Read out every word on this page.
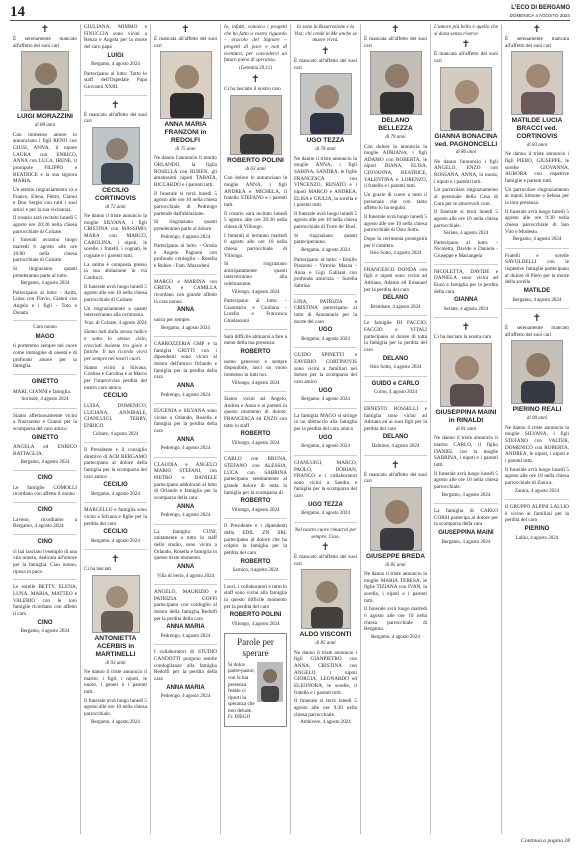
14	L'ECO DI BERGAMO
DOMENICA 4 AGOSTO 2024
✝

È serenamente mancato all'affetto dei suoi cari

LUIGI MORAZZINI
di 88 anni

Con immenso amore lo annunciano i figli RENO con GIUSI, ANNA, il nipote LAURA con ENRICO, ANNA con LUCA, IRENE, il pronipote FILIPPO e BEATRICE e la sua signora MARIA.

Un sentito ringraziamento va a Franco, Elena, Pietro, Gianni e Don Sergio con tutti i suoi amici e per la sua vicinanza.

Il rosario sarà recitato lunedì 5 agosto ore 20:30 nella chiesa parrocchiale di Colzate.

I funerali avranno luogo martedì 6 agosto alle ore 10:00 nella chiesa parrocchiale di Colzate.

Si ringraziano quanti prenderanno parte al lutto.

Bergamo, 4 agosto 2024

Partecipano al lutto: - Anita, Luisa con Flavio, Gianni con Angela e i figli - Toto e Donata

Caro nonno
MAGO

ti porteremo sempre nel cuore come immagine di onestà e di profondo amore per la famiglia.

GINETTO

MARI, GIANNI e famiglia.

Sorisole, 4 agosto 2024

Siamo affettuosamente vicini a Nazzareno e Gianni per la scomparsa del caro amico

GINETTO

ANGELA ed ENRICO BATTAGLIA.

Bergamo, 4 agosto 2024
CINO

Le famiglie COMOLLI ricordano con affetto il nonno

CINO

Laveno, ricordiamo a Bergamo, 4 agosto 2024

CINO

ci hai lasciato l'esempio di una vita onesta, dedicata all'amore per la famiglia. Ciao nonno, riposa in pace.

Le sorelle BETTY, ELENA, LUNA, MARIA, MATTEO e VALERIO con le loro famiglie ricordano con affetto il caro

CINO
Bergamo, 4 agosto 2024

GIULIANA, MIMMO e FINUCCIA sono vicini a Renzo e Angela per la morte del caro papà

LUIGI
Bergamo, 4 agosto 2024

Partecipano al lutto: Tutto lo staff dell'Ospedale Papa Giovanni XXIII.

✝

È mancato all'affetto dei suoi cari

CECILIO CORTINOVIS
di 72 anni

Ne danno il triste annuncio la moglie SILVANA, i figli CRISTINA con MASSIMO, MARA con MARCO, CAROLINA, i nipoti, le sorelle, i fratelli, i cognati, le cognate e i parenti tutti.

La salma è composta presso la sua abitazione in via Carducci.

Il funerale avrà luogo lunedì 5 agosto alle ore 10 nella chiesa parrocchiale di Colzate.

Un ringraziamento a quanti interverranno alla cerimonia.

Fraz. di Colzate, 4 agosto 2024

Siamo nati dalla stessa radice e sotto lo stesso cielo, cresciuti insieme tra gioie e fatiche. Il tuo ricordo vivrà per sempre nei nostri cuori.

Siamo vicini a Silvana, Cristina e Carolina e ai Marco per l'improvvisa perdita del nostro caro amico

CECILIO

LUISA, DOMENICO, LUCIANA, ANNIBALE, GIANLUIGI, TERRY, ENRICO.

Colzate, 4 agosto 2024

Il Presidente e il consiglio direttivo di ACB BERGAMO partecipano al dolore della famiglia per la scomparsa del caro amico

CECILIO
Bergamo, 4 agosto 2024

MARCELLO e famiglia sono vicini a Silvana e figlie per la perdita del caro

CECILIO
Bergamo, 4 agosto 2024
✝

Ci ha lasciati

ANTONIETTA ACERBIS in MARTINELLI
di 93 anni

Ne danno il triste annuncio il marito, i figli, i nipoti, le nuore, i generi e i parenti tutti.

Il funerale avrà luogo lunedì 5 agosto alle ore 10 nella chiesa parrocchiale.

Bergamo, 4 agosto 2024
✝

È mancata all'affetto dei suoi cari

ANNA MARIA FRANZONI in REDOLFI
di 75 anni

Ne danno l'annuncio il marito ORLANDO, la figlia ROSELLA con RUBEN, gli amatissimi nipoti TABATA, RICCARDO e i parenti tutti.

Il funerale si terrà lunedì 5 agosto alle ore 10 nella chiesa parrocchiale di Pedrengo partendo dall'abitazione.

Si ringraziano quanti prenderanno parte al dolore.

Pedrengo, 4 agosto 2024

Partecipano al lutto: - Orsola e Angelo Pagnoni con profondo cordoglio - Rosella e Ruben - Fam. Mazzoleni

MARCO e MARINA con GRETA e CAMILLA ricordano con grande affetto la cara nonna

ANNA

unica per sempre.

Bergamo, 4 agosto 2024

CARROZZERIA GMP e la famiglia GRITTI con i dipendenti sono vicini al dolore dell'amico Orlando e famiglia per la perdita della cara

ANNA
Pedrengo, 4 agosto 2024

EUGENIA e SILVANA sono vicine a Orlando, Rosella e famiglia per la perdita della cara

ANNA
Pedrengo, 4 agosto 2024

CLAUDIA e ANGELO MARIO STEFANI, con PIETRO e DANIELE partecipano addolorati al lutto di Orlando e famiglia per la scomparsa della cara

ANNA
Pedrengo, 4 agosto 2024

La famiglia CUNI, unitamente a tutto lo staff dello studio, sono vicini a Orlando, Rosella e famiglia in questo triste momento.

ANNA
Villa di Serio, 4 agosto 2024

ANGELO, MAURIZIO e PATRIZIA GOFFI partecipano con cordoglio al dolore della famiglia Redolfi per la perdita della cara

ANNA MARIA
Pedrengo, 4 agosto 2024

I collaboratori di STUDIO CANDOTTI porgono sentite condoglianze alla famiglia Redolfi per la perdita della cara

ANNA MARIA
Pedrengo, 4 agosto 2024

Io, infatti, conosco i progetti che ho fatto a vostro riguardo – oracolo del Signore – progetti di pace e non di sventura, per concedervi un futuro pieno di speranza.

(Geremia 29,11)
✝

Ci ha lasciato il nostro caro

ROBERTO POLINI
di 63 anni

Con dolore lo annunciano la moglie ANNA, i figli ANDREA e MICHELA, il fratello STEFANO e i parenti tutti.

Il rosario sarà recitato lunedì 5 agosto alle ore 20:30 nella chiesa di Villongo.

I funerali si terranno martedì 6 agosto alle ore 10 nella chiesa parrocchiale di Villongo.

Si ringraziano anticipatamente quanti interverranno alla celebrazione.

Villongo, 4 agosto 2024

Partecipano al lutto: - Gianmario e Giuliana - Lorella e Francesca Ghislanzoni

Sarà difficile abituarsi a fare a meno della tua presenza.

ROBERTO

uomo generoso e sempre disponibile, lasci un vuoto immenso in tutti noi.

Villongo, 4 agosto 2024

Siamo vicini ad Angelo, Andrea e Anna e ai parenti in questo momento di dolore. FRANCESCA ed ENZO con tutto lo staff

ROBERTO
Villongo, 4 agosto 2024

CARLO con BRUNA, STEFANO con ALESSIA, LUCA con SABRINA partecipano sentitamente al grande dolore di tutta la famiglia per la scomparsa di

ROBERTO
Villongo, 4 agosto 2024

Il Presidente e i dipendenti della EDIL ZN SRL partecipano al dolore che ha colpito la famiglia per la perdita del caro

ROBERTO
Sarnico, 4 agosto 2024

I soci, i collaboratori e tutto lo staff sono vicini alla famiglia in questo difficile momento per la perdita del caro

ROBERTO POLINI
Villongo, 4 agosto 2024
Parole per sperare

Si dolce padre-pastor, con la tua presenza fedele ci riporti la speranza che non delude.

Fr. DIEGO

Io sono la Risurrezione e la Vita; chi crede in Me anche se muore vivrà.

✝

È mancato all'affetto dei suoi cari

UGO TEZZA
di 78 anni

Ne danno il triste annuncio la moglie ANNA, i figli SABINA, SANDRA, le figlie FRANCESCA con VINCENZO, RENATO e i nipoti MARCO e ANDREA, ELISA e GIULIA, la sorella e i parenti tutti.

Il funerale avrà luogo lunedì 5 agosto alle ore 10 nella chiesa parrocchiale di Torre de' Busi.

Si ringraziano quanti parteciperanno.

Bergamo, 4 agosto 2024

Partecipano al lutto: - Emilio Piazzoni - Vittorio Mazza - Anna e Gigi Galliani con profonda amicizia - Sorella Sabrina

LINA, PATRIZIA e CRISTINA partecipano al lutto di Annamaria per la morte del caro

UGO
Bergamo, 4 agosto 2024

GUIDO SPINETTI e ZAVERIO CORTINOVIS sono vicini a familiari nel dolore per la scomparsa del caro amico

UGO
Bergamo, 4 agosto 2024

La famiglia MAGO si stringe in un abbraccio alla famiglia per la perdita del caro amico

UGO
Bergamo, 4 agosto 2024

GIANLUIGI, MARCO, PAOLO, DORIAN, FRANCO e i collaboratori sono vicini a Sandra e famiglia per la scomparsa del caro

UGO TEZZA
Bergamo, 4 agosto 2024

Nel nostro cuore rimarrai per sempre. Ciao.

✝

È mancato all'affetto dei suoi cari

ALDO VISCONTI
di 85 anni

Ne danno il triste annuncio i figli GIANPIETRO con ANNA, CRISTINA con ANGELO, i nipoti GIORGIA, LEONARDO ed ELEONORA, le sorelle, il fratello e i parenti tutti.

Il funerale si terrà lunedì 5 agosto alle ore 9:30 nella chiesa parrocchiale.

Ambivere, 4 agosto 2024
✝

È mancata all'affetto dei suoi cari

DELANO BELLEZZA
di 79 anni

Con dolore lo annuncia la moglie ADRIANA, i figli ADAMO con ROBERTA, le nipoti DIANA, ELISA, GIOVANNA, BEATRICE, VALENTINA e LORENZO, il fratello e i parenti tutti.

Un grazie di cuore a tutto il personale che con tanto affetto lo ha seguito.

Il funerale avrà luogo lunedì 5 agosto alle ore 10 nella chiesa parrocchiale di Osio Sotto.

Dopo la cerimonia proseguirà per il cimitero.

Osio Sotto, 4 agosto 2024

FRANCESCO DONDA con figli e nipoti sono vicini ad Adriana, Adamo ed Emanuel per la perdita del caro

DELANO
Brembate, 4 agosto 2024

Le famiglie DI FACCIO, FACCIO e VITALI partecipano al dolore di tutta la famiglia per la perdita del caro

DELANO
Osio Sotto, 4 agosto 2024
GUIDO e CARLO
Curno, 4 agosto 2024

ERNESTO ROSSELLI e famiglia sono vicini ad Adriana ed ai suoi figli per la perdita del caro

DELANO
Dalmine, 4 agosto 2024
✝

È mancato all'affetto dei suoi cari

GIUSEPPE BREDA
di 85 anni

Ne danno il triste annuncio la moglie MARIA TERESA, le figlie TIZIANA con IVAN, la sorella, i nipoti e i parenti tutti.

Il funerale avrà luogo martedì 6 agosto alle ore 10 nella chiesa parrocchiale di Bergamo.

Bergamo, 4 agosto 2024

L'amore più bello è quello che si dona senza riserve.

✝

È mancata all'affetto dei suoi cari

GIANNA BONACINA ved. PAGNONCELLI
di 86 anni

Ne danno l'annuncio i figli ANGELO, ENZO con ROSSANA, ANNA, la nuora, i nipoti e i parenti tutti.

Un particolare ringraziamento al personale della Casa di Cura per le amorevoli cure.

Il funerale si terrà lunedì 5 agosto alle ore 10 nella chiesa parrocchiale.

Seriate, 4 agosto 2024

Partecipano al lutto: - Nicoletta, Davide e Daniela - Giuseppe e Mariangela

NICOLETTA, DAVIDE e DANIELA sono vicini ad Enzo e famiglia per la perdita della cara

GIANNA
Seriate, 4 agosto 2024
✝

Ci ha lasciato la nostra cara

GIUSEPPINA MAINI in RINALDI
di 81 anni

Ne danno il triste annuncio il marito CARLO, il figlio DANIEL con la moglie SABRINA, i nipoti e i parenti tutti.

Il funerale avrà luogo lunedì 5 agosto alle ore 10 nella chiesa parrocchiale.

Bergamo, 4 agosto 2024

La famiglia di CARLO CORSI partecipa al dolore per la scomparsa della cara

GIUSEPPINA MAINI
Bergamo, 4 agosto 2024
✝

È serenamente mancata all'affetto dei suoi cari

MATILDE LUCIA BRACCI ved. CORTINOVIS
di 83 anni

Ne danno il triste annuncio i figli PIERO, GIUSEPPE, le sorelle GIOVANNA, AURORA con rispettive famiglie e parenti tutti.

Un particolare ringraziamento ai nipoti Simone e Selena per la loro presenza.

Il funerale avrà luogo lunedì 5 agosto alle ore 9:30 nella chiesa parrocchiale di San Vito e Modesto.

Bergamo, 4 agosto 2024

Fratelli e sorelle SAVOLDELLI con le rispettive famiglie partecipano al dolore di Piero per la morte della sorella

MATILDE
Bergamo, 4 agosto 2024
✝

È serenamente mancato all'affetto dei suoi cari

PIERINO REALI
di 90 anni

Ne danno il triste annuncio la moglie SILVANA, i figli STEFANO con VALTER, DOMENICO con ROBERTA, ANDREA, le nipoti, i nipoti e i parenti tutti.

Il funerale avrà luogo lunedì 5 agosto alle ore 10 nella chiesa parrocchiale di Zanica.

Zanica, 4 agosto 2024

Il GRUPPO ALPINI LALLIO è vicino ai familiari per la perdita del caro

PIERINO
Lallio, 4 agosto 2024
Continua a pagina 28
